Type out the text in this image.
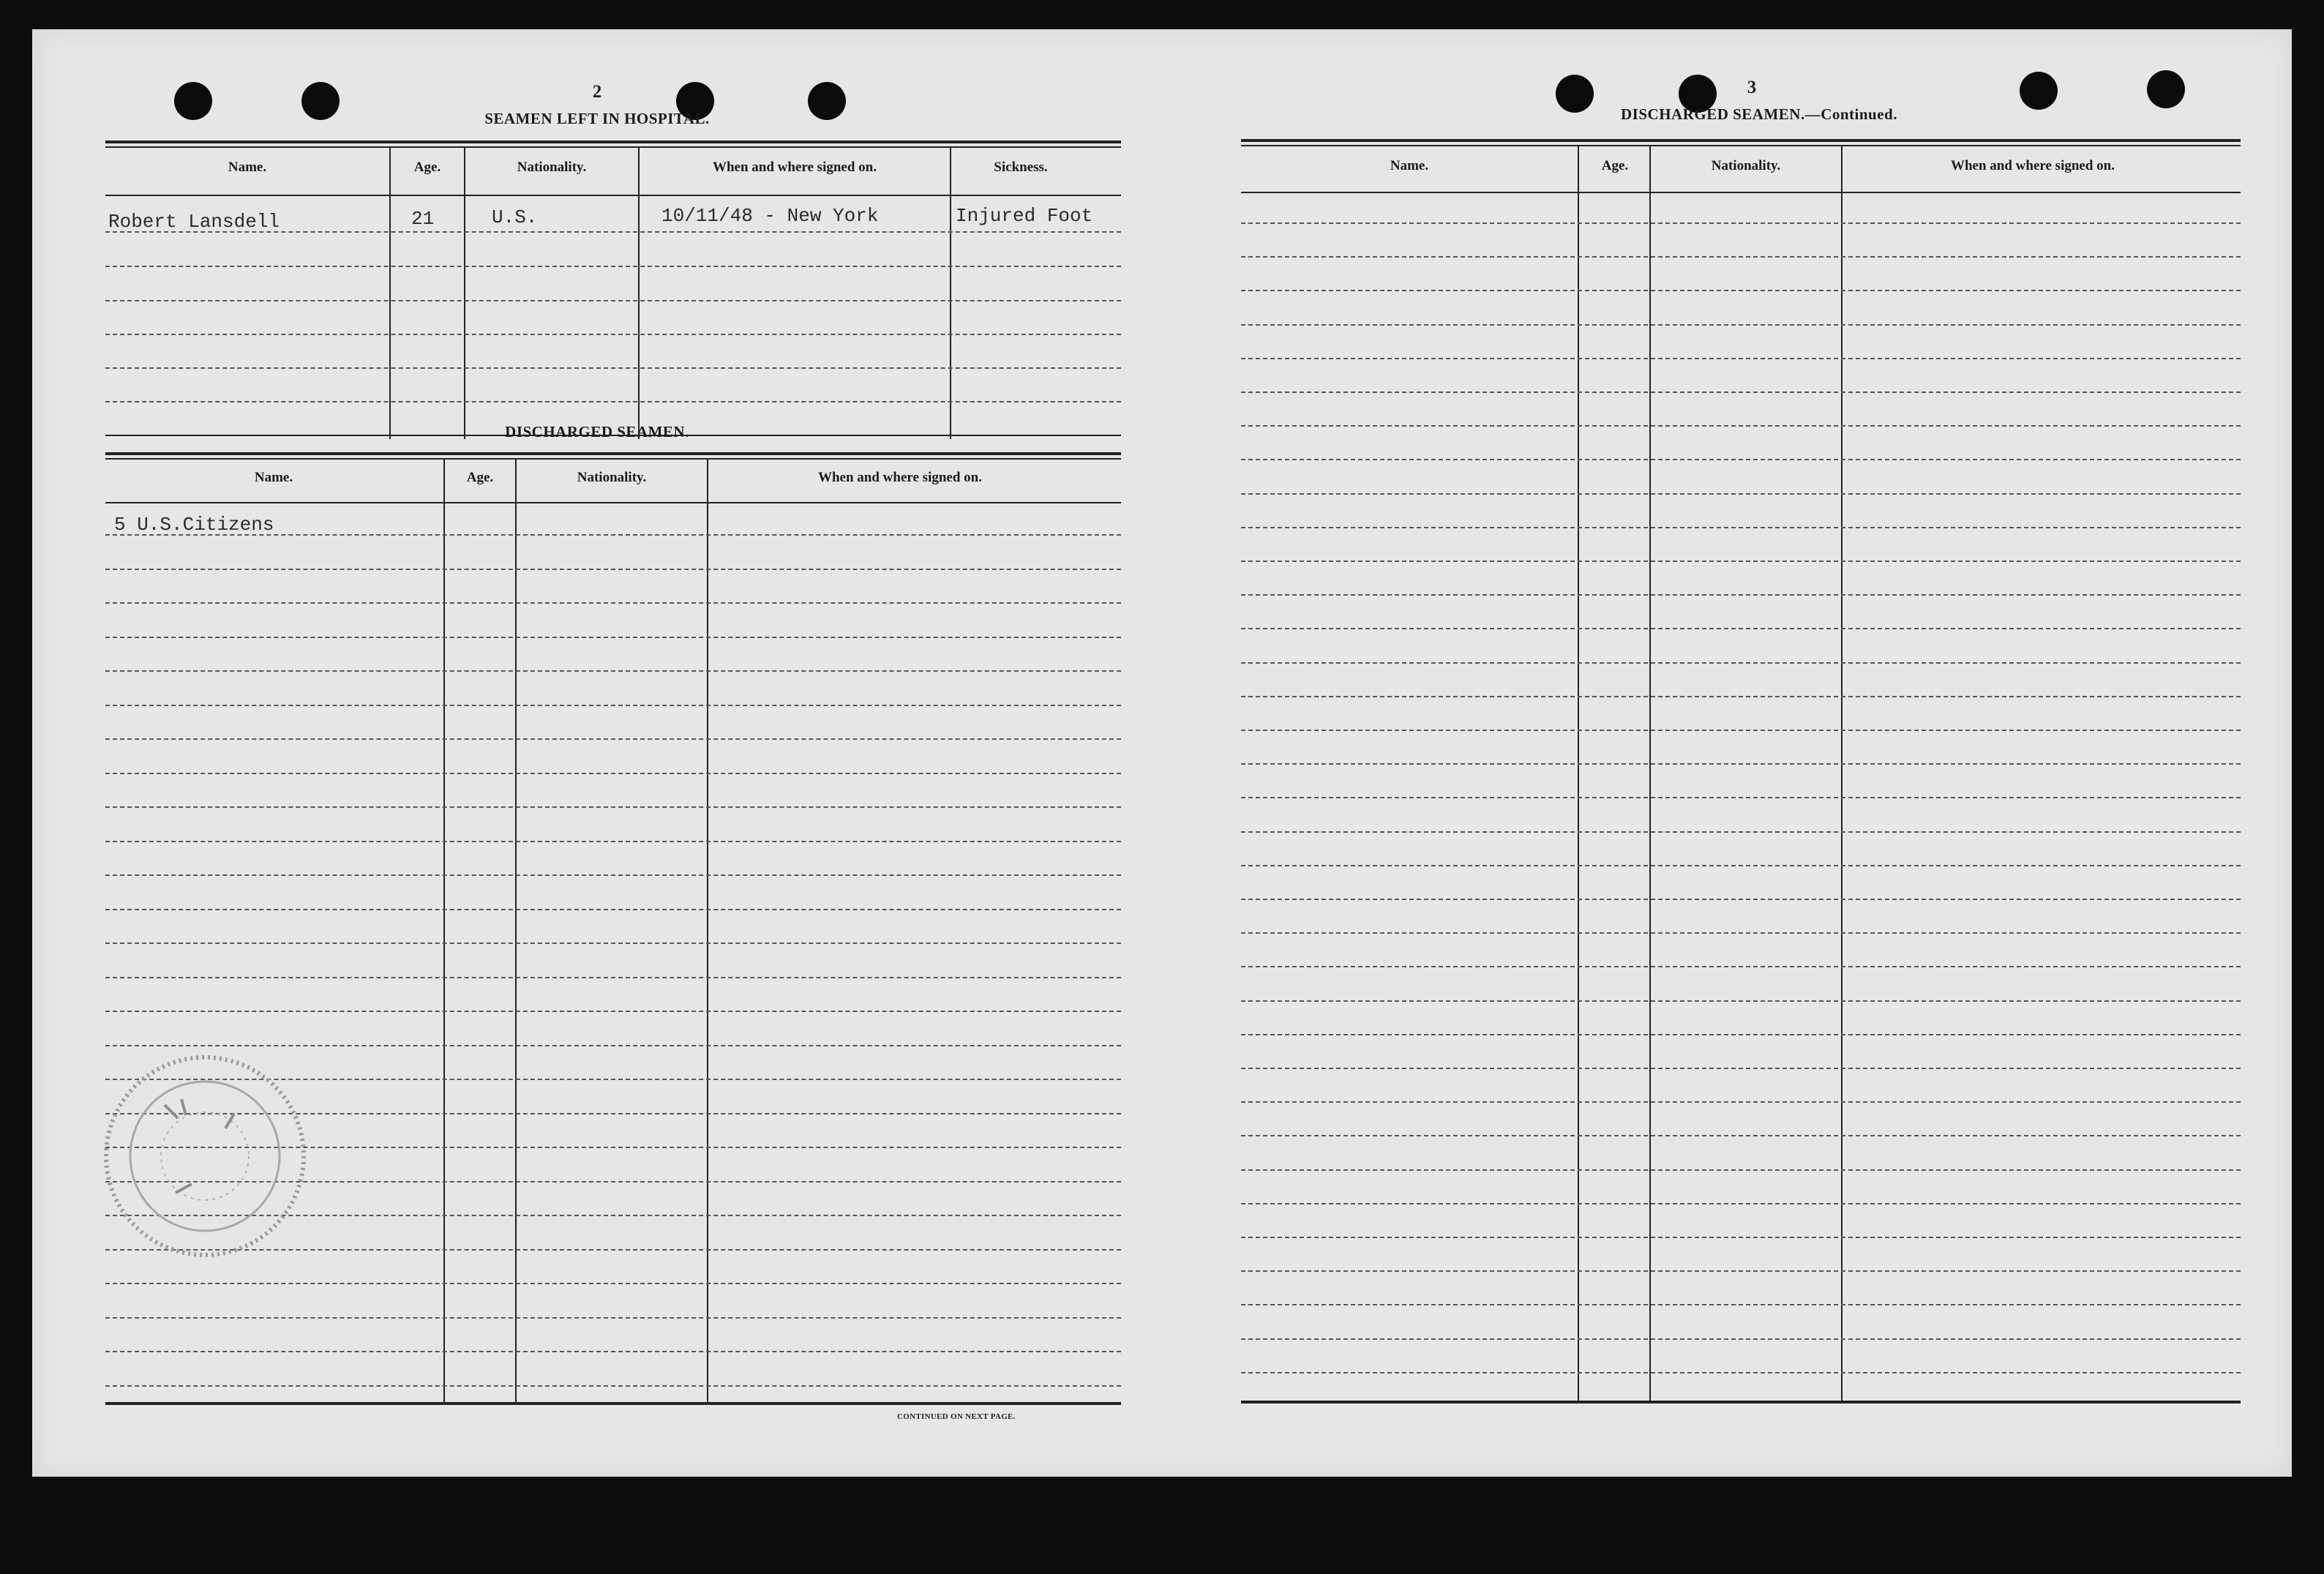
2
SEAMEN LEFT IN HOSPITAL.
Name.	Age.	Nationality.	When and where signed on.	Sickness.
Robert Lansdell	21	U.S.	10/11/48 - New York	Injured Foot
DISCHARGED SEAMEN.
Name.	Age.	Nationality.	When and where signed on.
5 U.S.Citizens
CONTINUED ON NEXT PAGE.
3
DISCHARGED SEAMEN.—Continued.
Name.	Age.	Nationality.	When and where signed on.
